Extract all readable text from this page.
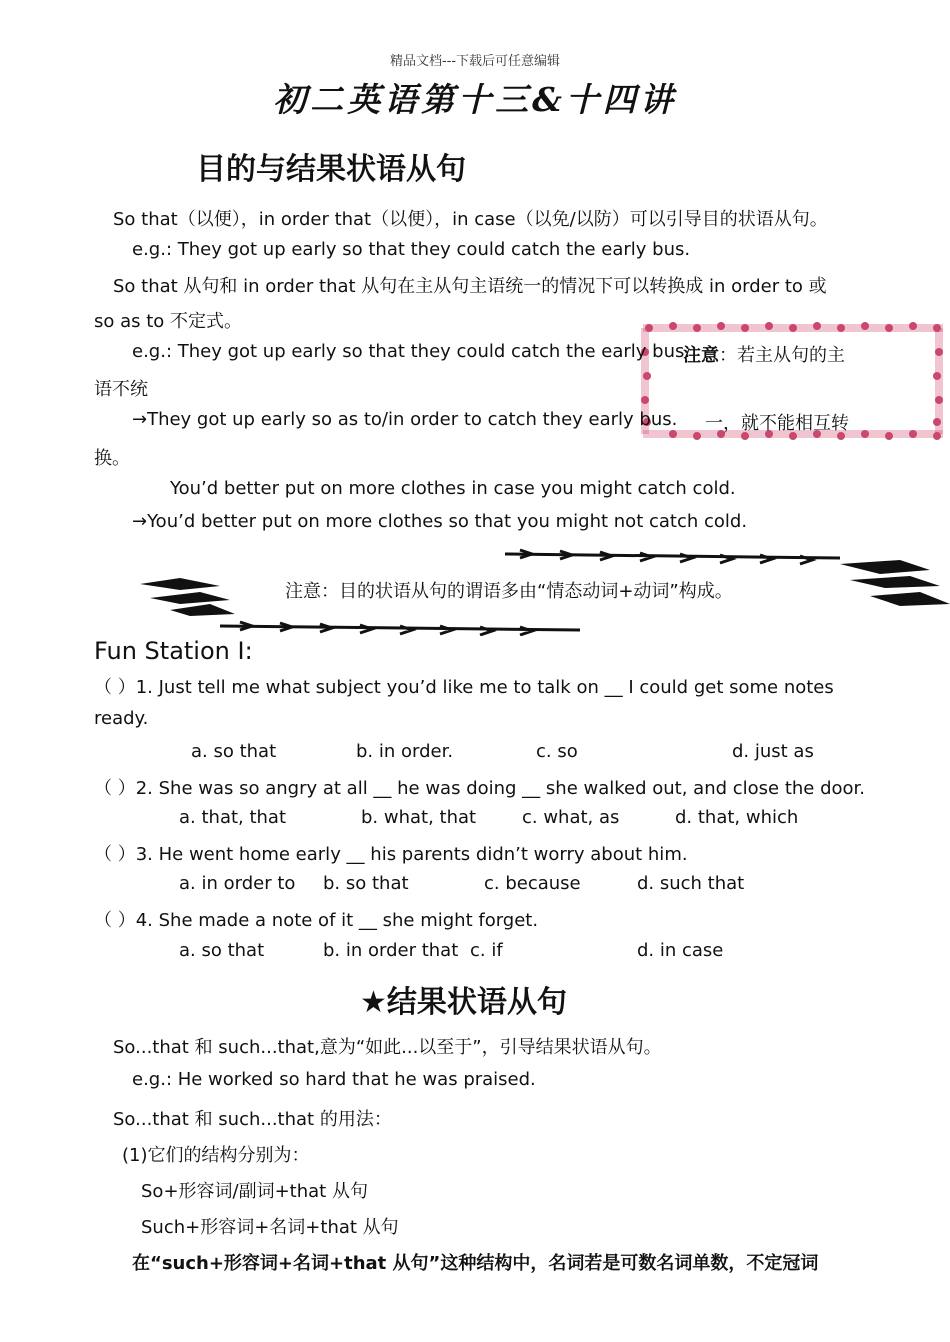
精品文档---下载后可任意编辑
初二英语第十三&十四讲
目的与结果状语从句
So that（以便），in order that（以便），in case（以免/以防）可以引导目的状语从句。
e.g.: They got up early so that they could catch the early bus.
So that 从句和 in order that 从句在主从句主语统一的情况下可以转换成 in order to 或
so as to 不定式。
e.g.: They got up early so that they could catch the early bus.
注意：若主从句的主
语不统
→They got up early so as to/in order to catch they early bus. 一，就不能相互转
换。
You’d better put on more clothes in case you might catch cold.
→You’d better put on more clothes so that you might not catch cold.
注意：目的状语从句的谓语多由“情态动词+动词”构成。
Fun Station Ⅰ:
（ ）1. Just tell me what subject you’d like me to talk on __ I could get some notes
ready.
a. so that	b. in order.	c. so	d. just as
（ ）2. She was so angry at all __ he was doing __ she walked out, and close the door.
a. that, that	b. what, that	c. what, as	d. that, which
（ ）3. He went home early __ his parents didn’t worry about him.
a. in order to b. so that	c. because	d. such that
（ ）4. She made a note of it __ she might forget.
a. so that	b. in order that c. if	d. in case
★结果状语从句
So...that 和 such...that,意为“如此...以至于”，引导结果状语从句。
e.g.: He worked so hard that he was praised.
So...that 和 such...that 的用法：
(1)它们的结构分别为：
So+形容词/副词+that 从句
Such+形容词+名词+that 从句
在“such+形容词+名词+that 从句”这种结构中，名词若是可数名词单数，不定冠词
